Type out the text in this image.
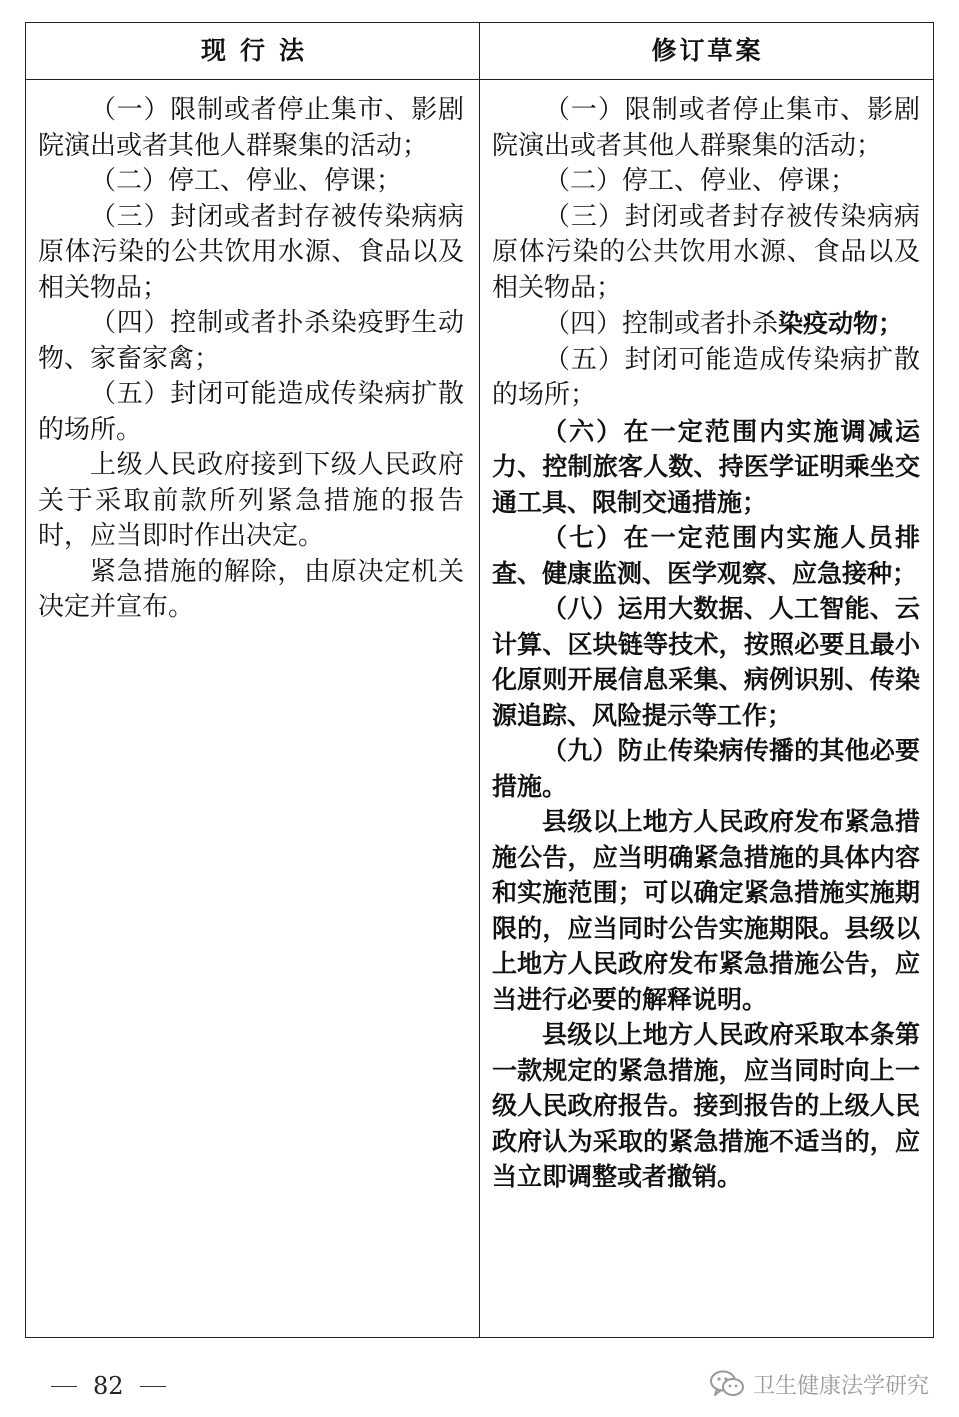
现行法	修订草案

（一）限制或者停止集市、影剧院演出或者其他人群聚集的活动；

（二）停工、停业、停课；

（三）封闭或者封存被传染病病原体污染的公共饮用水源、食品以及相关物品；

（四）控制或者扑杀染疫野生动物、家畜家禽；

（五）封闭可能造成传染病扩散的场所。

上级人民政府接到下级人民政府关于采取前款所列紧急措施的报告时，应当即时作出决定。

紧急措施的解除，由原决定机关决定并宣布。

（一）限制或者停止集市、影剧院演出或者其他人群聚集的活动；

（二）停工、停业、停课；

（三）封闭或者封存被传染病病原体污染的公共饮用水源、食品以及相关物品；

（四）控制或者扑杀染疫动物；

（五）封闭可能造成传染病扩散的场所；

（六）在一定范围内实施调减运力、控制旅客人数、持医学证明乘坐交通工具、限制交通措施；

（七）在一定范围内实施人员排查、健康监测、医学观察、应急接种；

（八）运用大数据、人工智能、云计算、区块链等技术，按照必要且最小化原则开展信息采集、病例识别、传染源追踪、风险提示等工作；

（九）防止传染病传播的其他必要措施。

县级以上地方人民政府发布紧急措施公告，应当明确紧急措施的具体内容和实施范围；可以确定紧急措施实施期限的，应当同时公告实施期限。县级以上地方人民政府发布紧急措施公告，应当进行必要的解释说明。

县级以上地方人民政府采取本条第一款规定的紧急措施，应当同时向上一级人民政府报告。接到报告的上级人民政府认为采取的紧急措施不适当的，应当立即调整或者撤销。

82	卫生健康法学研究
